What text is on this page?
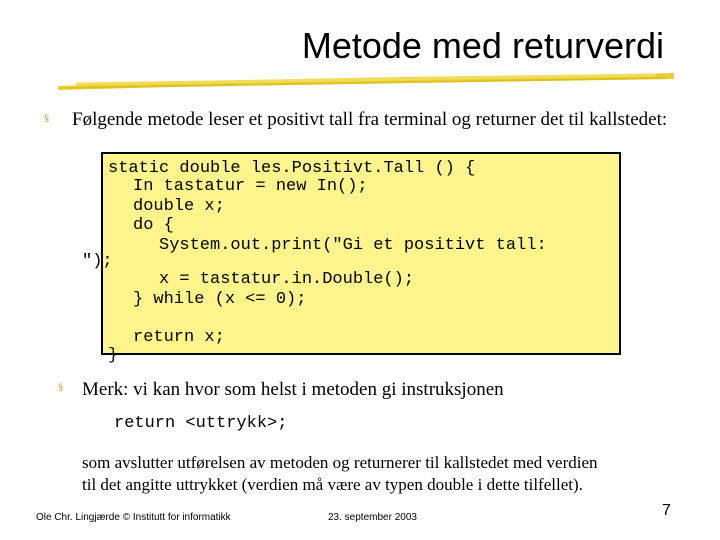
Metode med returverdi
§ Følgende metode leser et positivt tall fra terminal og returner det til kallstedet:
static double les.Positivt.Tall () {
In tastatur = new In();
double x;
do {
System.out.print("Gi et positivt tall:
");
x = tastatur.in.Double();
} while (x <= 0);
return x;
}
§ Merk: vi kan hvor som helst i metoden gi instruksjonen
return <uttrykk>;
som avslutter utførelsen av metoden og returnerer til kallstedet med verdien
til det angitte uttrykket (verdien må være av typen double i dette tilfellet).
Ole Chr. Lingjærde © Institutt for informatikk	23. september 2003	7
